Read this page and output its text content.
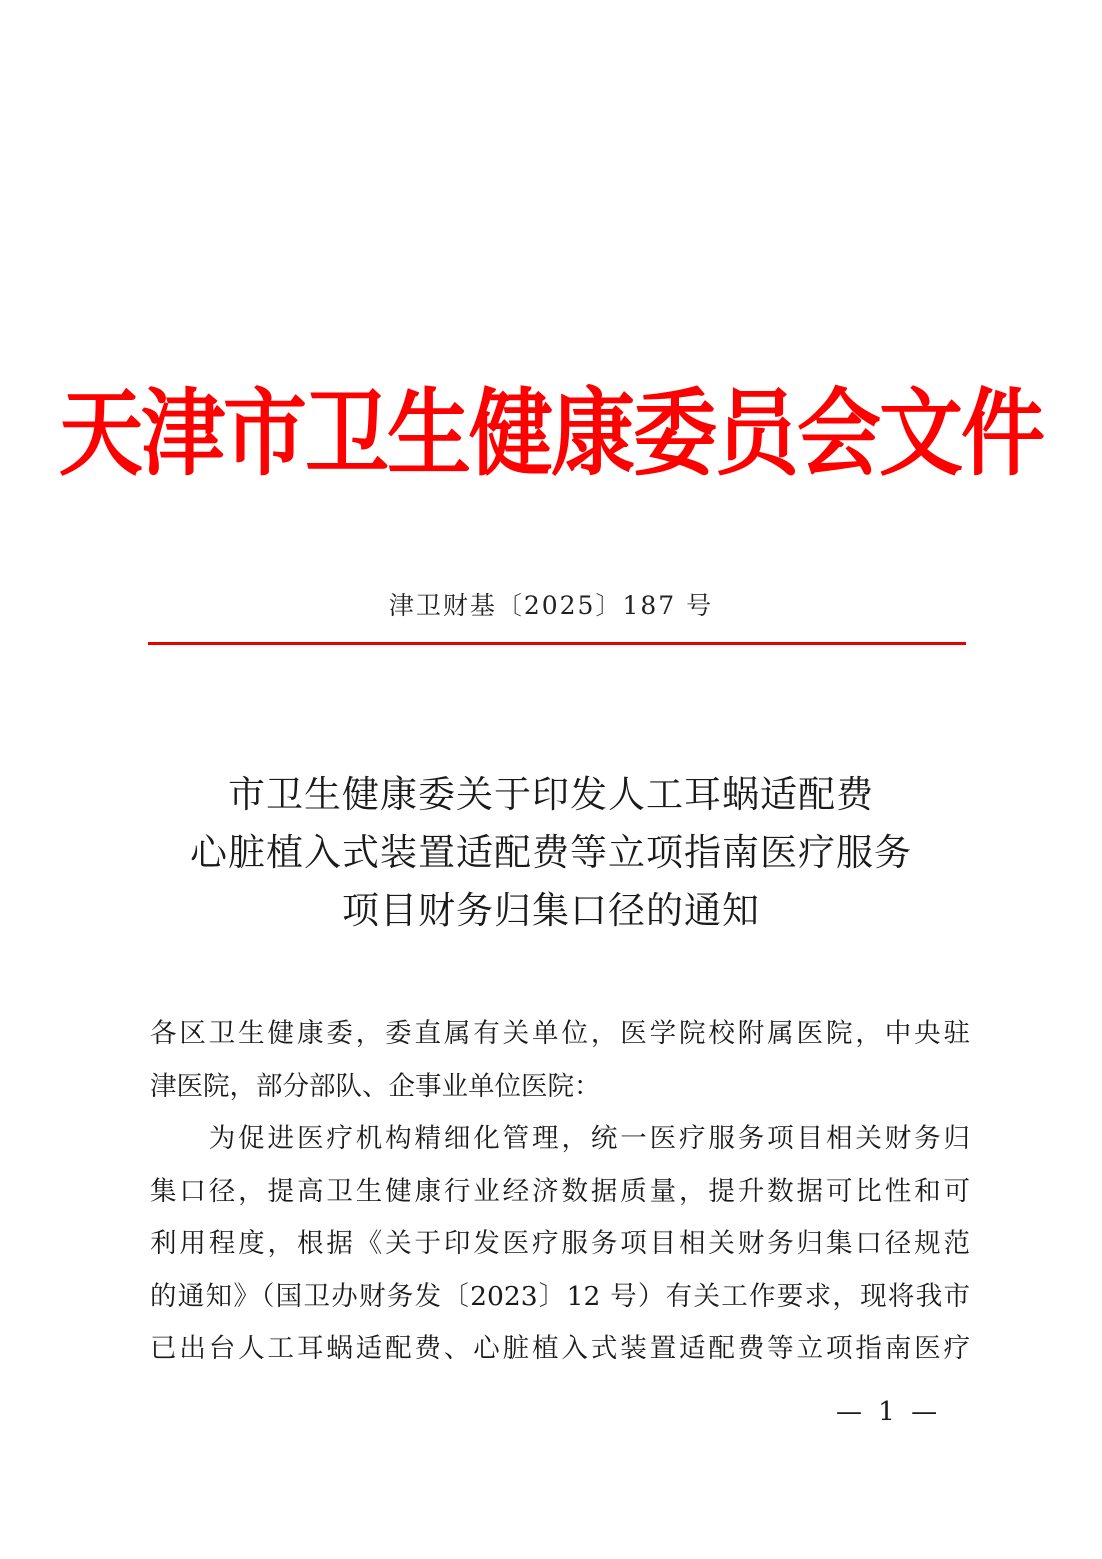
天津市卫生健康委员会文件
津卫财基〔2025〕187 号
市卫生健康委关于印发人工耳蜗适配费
心脏植入式装置适配费等立项指南医疗服务
项目财务归集口径的通知
各区卫生健康委，委直属有关单位，医学院校附属医院，中央驻
津医院，部分部队、企事业单位医院：
　　为促进医疗机构精细化管理，统一医疗服务项目相关财务归
集口径，提高卫生健康行业经济数据质量，提升数据可比性和可
利用程度，根据《关于印发医疗服务项目相关财务归集口径规范
的通知》（国卫办财务发〔2023〕12 号）有关工作要求，现将我市
已出台人工耳蜗适配费、心脏植入式装置适配费等立项指南医疗
— 1 —
